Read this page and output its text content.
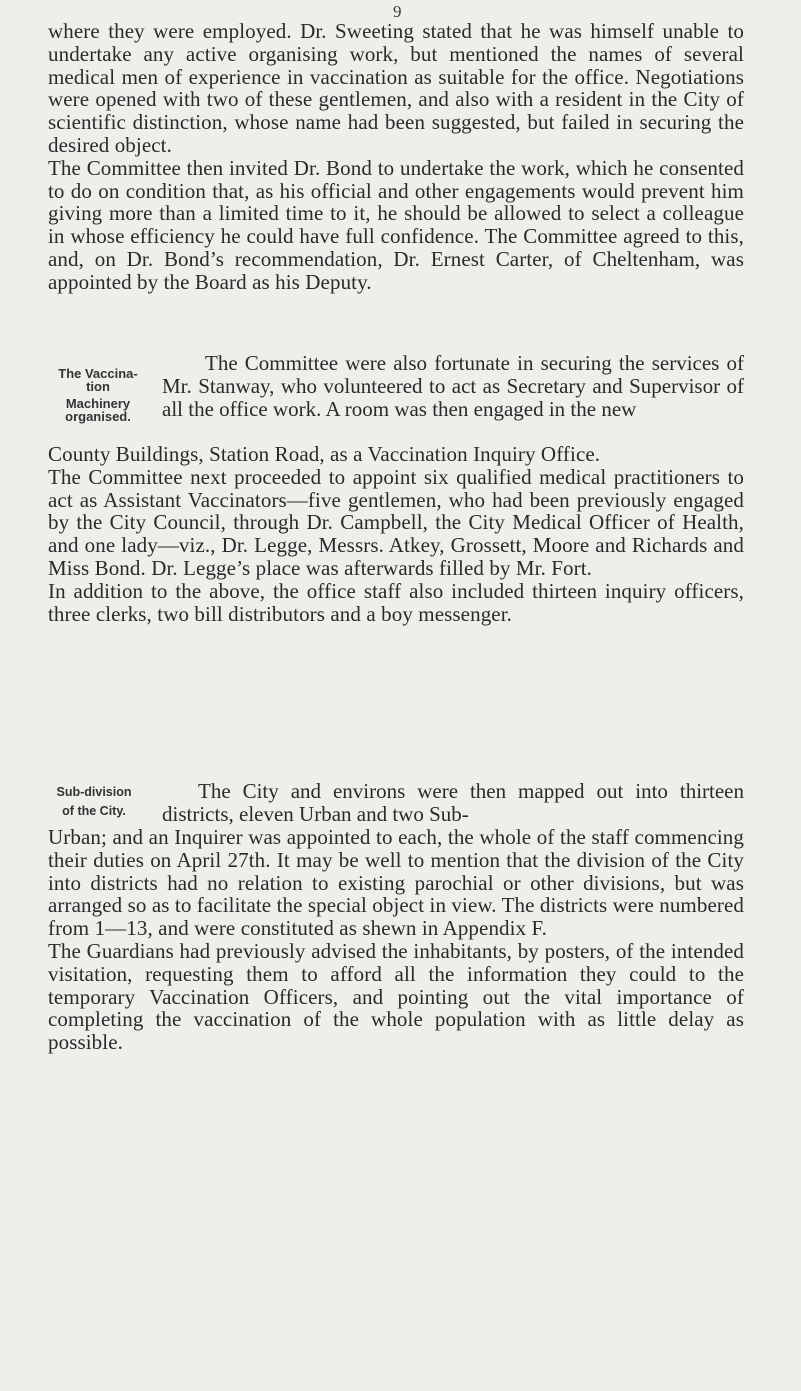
9

where they were employed. Dr. Sweeting stated that he was himself unable to undertake any active organising work, but mentioned the names of several medical men of experience in vaccination as suitable for the office. Negotiations were opened with two of these gentlemen, and also with a resident in the City of scientific distinction, whose name had been suggested, but failed in securing the desired object.

The Committee then invited Dr. Bond to undertake the work, which he consented to do on condition that, as his official and other engagements would prevent him giving more than a limited time to it, he should be allowed to select a colleague in whose efficiency he could have full confidence. The Committee agreed to this, and, on Dr. Bond’s recommendation, Dr. Ernest Carter, of Cheltenham, was appointed by the Board as his Deputy.

The Vaccina-
tion
Machinery
organised.
The Committee were also fortunate in securing the services of Mr. Stanway, who volunteered to act as Secretary and Supervisor of all the office work. A room was then engaged in the new

County Buildings, Station Road, as a Vaccination Inquiry Office.

The Committee next proceeded to appoint six qualified medical practitioners to act as Assistant Vaccinators—five gentlemen, who had been previously engaged by the City Council, through Dr. Campbell, the City Medical Officer of Health, and one lady—viz., Dr. Legge, Messrs. Atkey, Grossett, Moore and Richards and Miss Bond. Dr. Legge’s place was afterwards filled by Mr. Fort.

In addition to the above, the office staff also included thirteen inquiry officers, three clerks, two bill distributors and a boy messenger.

Sub-division
of the City.
The City and environs were then mapped out into thirteen districts, eleven Urban and two Sub-

Urban; and an Inquirer was appointed to each, the whole of the staff commencing their duties on April 27th. It may be well to mention that the division of the City into districts had no relation to existing parochial or other divisions, but was arranged so as to facilitate the special object in view. The districts were numbered from 1—13, and were constituted as shewn in Appendix F.

The Guardians had previously advised the inhabitants, by posters, of the intended visitation, requesting them to afford all the information they could to the temporary Vaccination Officers, and pointing out the vital importance of completing the vaccination of the whole population with as little delay as possible.
